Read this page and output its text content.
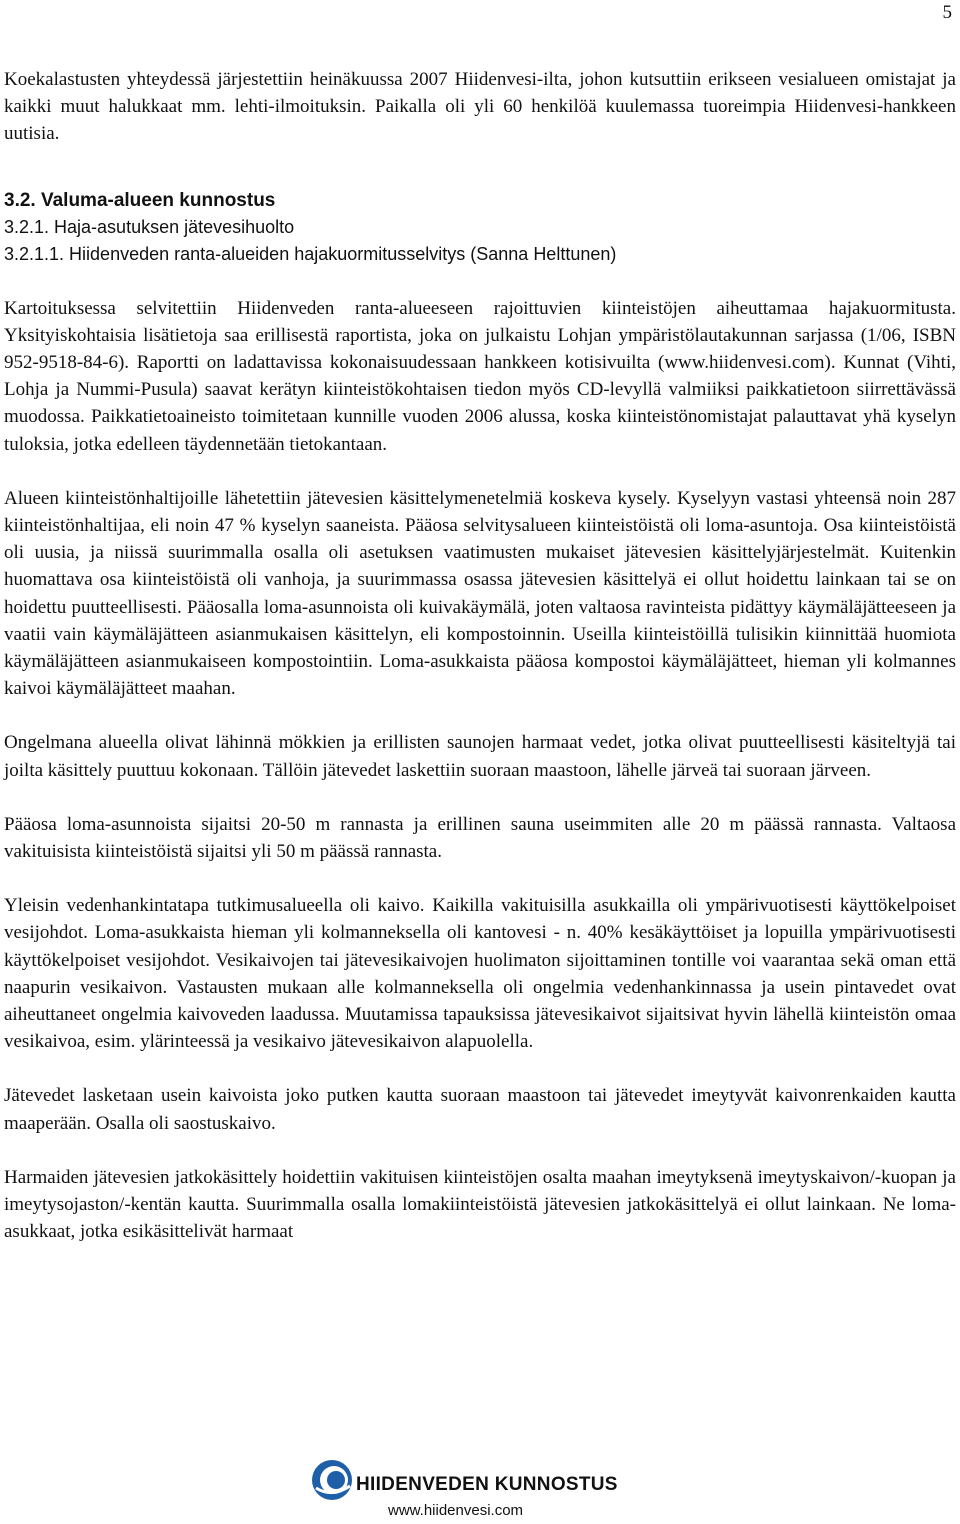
5

Koekalastusten yhteydessä järjestettiin heinäkuussa 2007 Hiidenvesi-ilta, johon kutsuttiin erikseen vesialueen omistajat ja kaikki muut halukkaat mm. lehti-ilmoituksin. Paikalla oli yli 60 henkilöä kuulemassa tuoreimpia Hiidenvesi-hankkeen uutisia.

3.2. Valuma-alueen kunnostus
3.2.1. Haja-asutuksen jätevesihuolto
3.2.1.1. Hiidenveden ranta-alueiden hajakuormitusselvitys (Sanna Helttunen)

Kartoituksessa selvitettiin Hiidenveden ranta-alueeseen rajoittuvien kiinteistöjen aiheuttamaa hajakuormitusta. Yksityiskohtaisia lisätietoja saa erillisestä raportista, joka on julkaistu Lohjan ympäristölautakunnan sarjassa (1/06, ISBN 952-9518-84-6). Raportti on ladattavissa kokonaisuudessaan hankkeen kotisivuilta (www.hiidenvesi.com). Kunnat (Vihti, Lohja ja Nummi-Pusula) saavat kerätyn kiinteistökohtaisen tiedon myös CD-levyllä valmiiksi paikkatietoon siirrettävässä muodossa. Paikkatietoaineisto toimitetaan kunnille vuoden 2006 alussa, koska kiinteistönomistajat palauttavat yhä kyselyn tuloksia, jotka edelleen täydennetään tietokantaan.

Alueen kiinteistönhaltijoille lähetettiin jätevesien käsittelymenetelmiä koskeva kysely. Kyselyyn vastasi yhteensä noin 287 kiinteistönhaltijaa, eli noin 47 % kyselyn saaneista. Pääosa selvitysalueen kiinteistöistä oli loma-asuntoja. Osa kiinteistöistä oli uusia, ja niissä suurimmalla osalla oli asetuksen vaatimusten mukaiset jätevesien käsittelyjärjestelmät. Kuitenkin huomattava osa kiinteistöistä oli vanhoja, ja suurimmassa osassa jätevesien käsittelyä ei ollut hoidettu lainkaan tai se on hoidettu puutteellisesti. Pääosalla loma-asunnoista oli kuivakäymälä, joten valtaosa ravinteista pidättyy käymäläjätteeseen ja vaatii vain käymäläjätteen asianmukaisen käsittelyn, eli kompostoinnin. Useilla kiinteistöillä tulisikin kiinnittää huomiota käymäläjätteen asianmukaiseen kompostointiin. Loma-asukkaista pääosa kompostoi käymäläjätteet, hieman yli kolmannes kaivoi käymäläjätteet maahan.

Ongelmana alueella olivat lähinnä mökkien ja erillisten saunojen harmaat vedet, jotka olivat puutteellisesti käsiteltyjä tai joilta käsittely puuttuu kokonaan. Tällöin jätevedet laskettiin suoraan maastoon, lähelle järveä tai suoraan järveen.

Pääosa loma-asunnoista sijaitsi 20-50 m rannasta ja erillinen sauna useimmiten alle 20 m päässä rannasta. Valtaosa vakituisista kiinteistöistä sijaitsi yli 50 m päässä rannasta.

Yleisin vedenhankintatapa tutkimusalueella oli kaivo. Kaikilla vakituisilla asukkailla oli ympärivuotisesti käyttökelpoiset vesijohdot. Loma-asukkaista hieman yli kolmanneksella oli kantovesi - n. 40% kesäkäyttöiset ja lopuilla ympärivuotisesti käyttökelpoiset vesijohdot. Vesikaivojen tai jätevesikaivojen huolimaton sijoittaminen tontille voi vaarantaa sekä oman että naapurin vesikaivon. Vastausten mukaan alle kolmanneksella oli ongelmia vedenhankinnassa ja usein pintavedet ovat aiheuttaneet ongelmia kaivoveden laadussa. Muutamissa tapauksissa jätevesikaivot sijaitsivat hyvin lähellä kiinteistön omaa vesikaivoa, esim. ylärinteessä ja vesikaivo jätevesikaivon alapuolella.

Jätevedet lasketaan usein kaivoista joko putken kautta suoraan maastoon tai jätevedet imeytyvät kaivonrenkaiden kautta maaperään. Osalla oli saostuskaivo.

Harmaiden jätevesien jatkokäsittely hoidettiin vakituisen kiinteistöjen osalta maahan imeytyksenä imeytyskaivon/-kuopan ja imeytysojaston/-kentän kautta. Suurimmalla osalla lomakiinteistöistä jätevesien jatkokäsittelyä ei ollut lainkaan. Ne loma-asukkaat, jotka esikäsittelivät harmaat

HIIDENVEDEN KUNNOSTUS
www.hiidenvesi.com
